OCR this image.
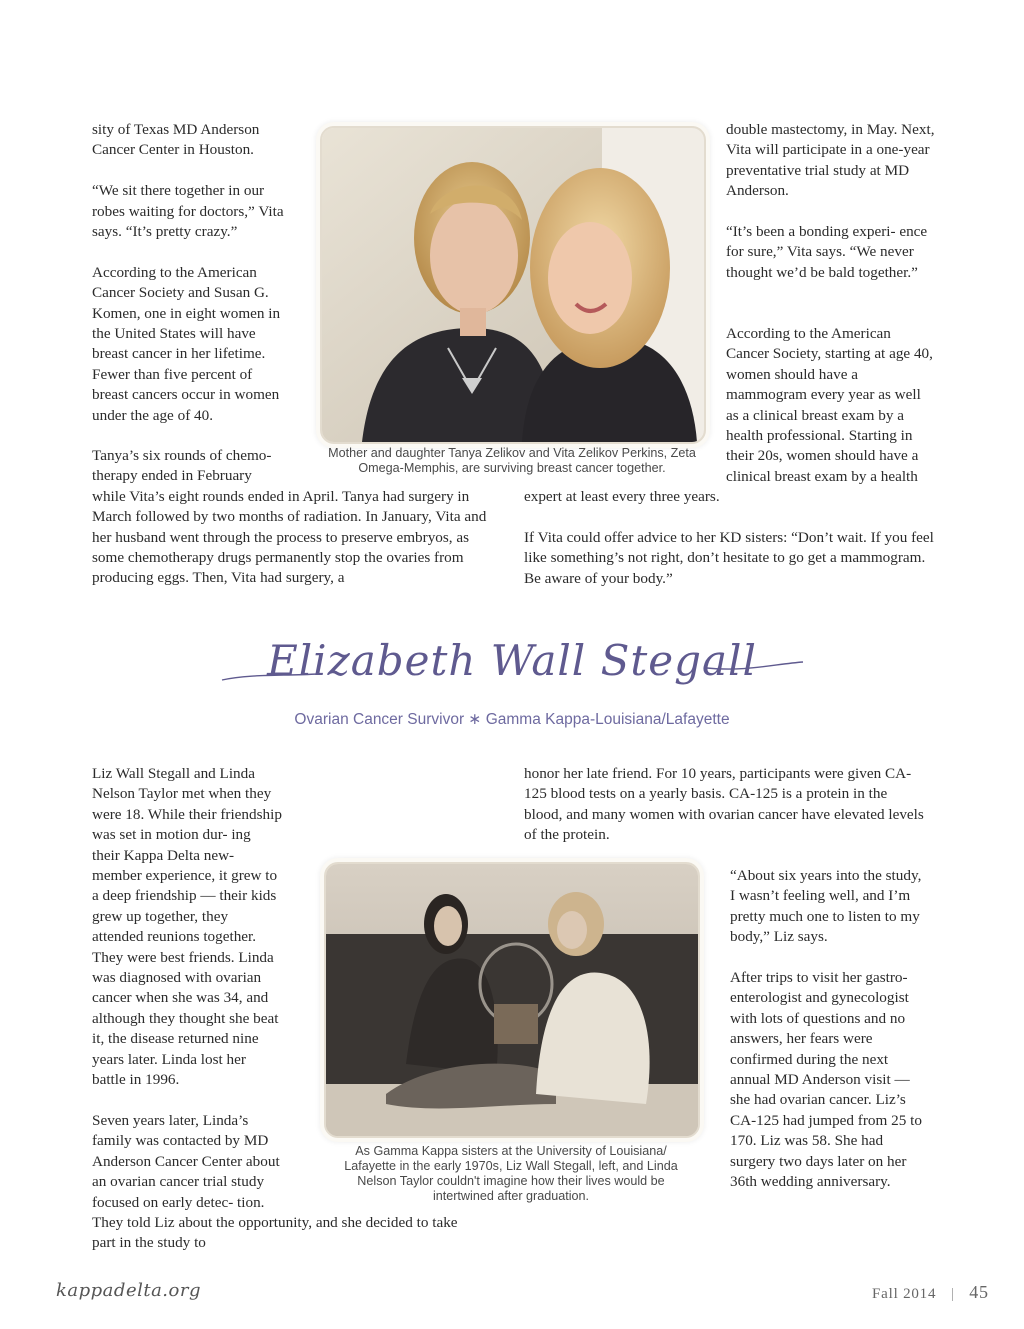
sity of Texas MD Anderson Cancer Center in Houston.

“We sit there together in our robes waiting for doctors,” Vita says. “It’s pretty crazy.”

According to the American Cancer Society and Susan G. Komen, one in eight women in the United States will have breast cancer in her lifetime. Fewer than five percent of breast cancers occur in women under the age of 40.

Tanya’s six rounds of chemo- therapy ended in February while Vita’s eight rounds ended in April. Tanya had surgery in March followed by two months of radiation. In January, Vita and her husband went through the process to preserve embryos, as some chemotherapy drugs permanently stop the ovaries from producing eggs. Then, Vita had surgery, a

double mastectomy, in May. Next, Vita will participate in a one-year preventative trial study at MD Anderson.

“It’s been a bonding experi- ence for sure,” Vita says. “We never thought we’d be bald together.”

According to the American Cancer Society, starting at age 40, women should have a mammogram every year as well as a clinical breast exam by a health professional. Starting in their 20s, women should have a clinical breast exam by a health expert at least every three years.

If Vita could offer advice to her KD sisters: “Don’t wait. If you feel like something’s not right, don’t hesitate to go get a mammogram. Be aware of your body.”

Mother and daughter Tanya Zelikov and Vita Zelikov Perkins, Zeta Omega-Memphis, are surviving breast cancer together.
Elizabeth Wall Stegall
Ovarian Cancer Survivor ∗ Gamma Kappa-Louisiana/Lafayette

Liz Wall Stegall and Linda Nelson Taylor met when they were 18. While their friendship was set in motion dur- ing their Kappa Delta new-member experience, it grew to a deep friendship — their kids grew up together, they attended reunions together. They were best friends. Linda was diagnosed with ovarian cancer when she was 34, and although they thought she beat it, the disease returned nine years later. Linda lost her battle in 1996.

Seven years later, Linda’s family was contacted by MD Anderson Cancer Center about an ovarian cancer trial study focused on early detec- tion. They told Liz about the opportunity, and she decided to take part in the study to

honor her late friend. For 10 years, participants were given CA-125 blood tests on a yearly basis. CA-125 is a protein in the blood, and many women with ovarian cancer have elevated levels of the protein.

“About six years into the study, I wasn’t feeling well, and I’m pretty much one to listen to my body,” Liz says.

After trips to visit her gastro- enterologist and gynecologist with lots of questions and no answers, her fears were confirmed during the next annual MD Anderson visit — she had ovarian cancer. Liz’s CA-125 had jumped from 25 to 170. Liz was 58. She had surgery two days later on her 36th wedding anniversary.

As Gamma Kappa sisters at the University of Louisiana/ Lafayette in the early 1970s, Liz Wall Stegall, left, and Linda Nelson Taylor couldn't imagine how their lives would be intertwined after graduation.
kappadelta.org	Fall 2014 | 45
